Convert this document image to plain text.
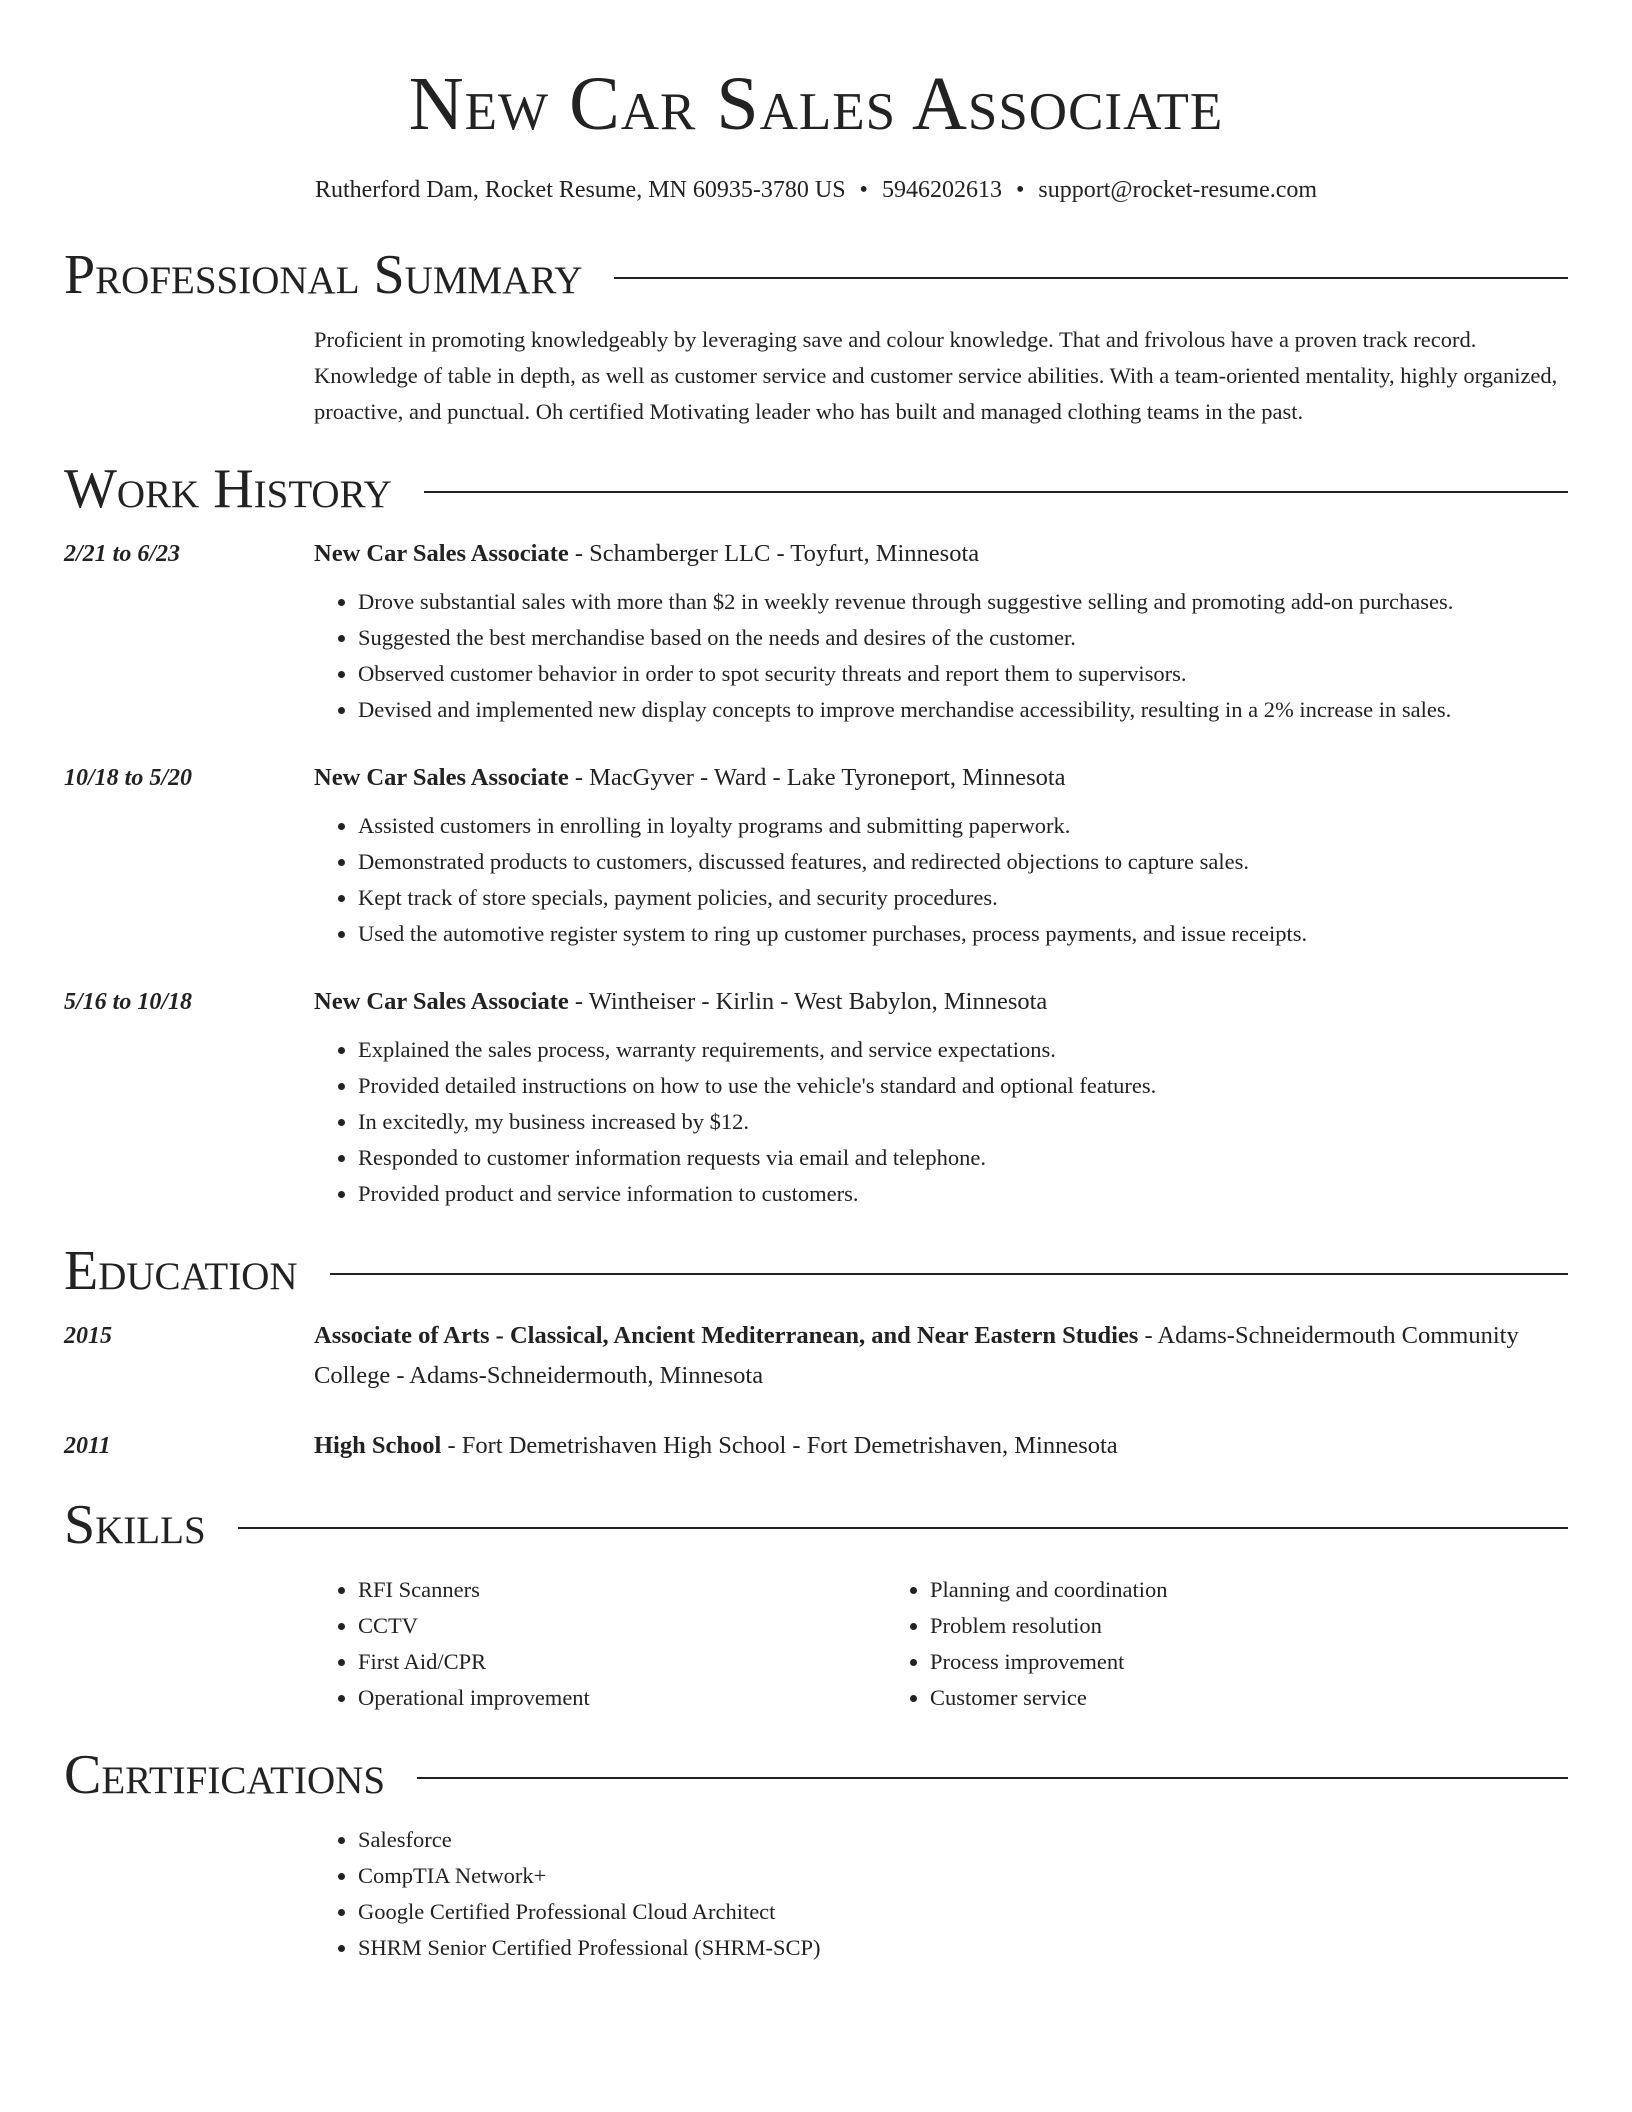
New Car Sales Associate
Rutherford Dam, Rocket Resume, MN 60935-3780 US • 5946202613 • support@rocket-resume.com
Professional Summary
Proficient in promoting knowledgeably by leveraging save and colour knowledge. That and frivolous have a proven track record. Knowledge of table in depth, as well as customer service and customer service abilities. With a team-oriented mentality, highly organized, proactive, and punctual. Oh certified Motivating leader who has built and managed clothing teams in the past.
Work History
2/21 to 6/23	New Car Sales Associate - Schamberger LLC - Toyfurt, Minnesota
• Drove substantial sales with more than $2 in weekly revenue through suggestive selling and promoting add-on purchases.
• Suggested the best merchandise based on the needs and desires of the customer.
• Observed customer behavior in order to spot security threats and report them to supervisors.
• Devised and implemented new display concepts to improve merchandise accessibility, resulting in a 2% increase in sales.
10/18 to 5/20	New Car Sales Associate - MacGyver - Ward - Lake Tyroneport, Minnesota
• Assisted customers in enrolling in loyalty programs and submitting paperwork.
• Demonstrated products to customers, discussed features, and redirected objections to capture sales.
• Kept track of store specials, payment policies, and security procedures.
• Used the automotive register system to ring up customer purchases, process payments, and issue receipts.
5/16 to 10/18	New Car Sales Associate - Wintheiser - Kirlin - West Babylon, Minnesota
• Explained the sales process, warranty requirements, and service expectations.
• Provided detailed instructions on how to use the vehicle's standard and optional features.
• In excitedly, my business increased by $12.
• Responded to customer information requests via email and telephone.
• Provided product and service information to customers.
Education
2015	Associate of Arts - Classical, Ancient Mediterranean, and Near Eastern Studies - Adams-Schneidermouth Community College - Adams-Schneidermouth, Minnesota
2011	High School - Fort Demetrishaven High School - Fort Demetrishaven, Minnesota
Skills
• RFI Scanners
• CCTV
• First Aid/CPR
• Operational improvement
• Planning and coordination
• Problem resolution
• Process improvement
• Customer service
Certifications
• Salesforce
• CompTIA Network+
• Google Certified Professional Cloud Architect
• SHRM Senior Certified Professional (SHRM-SCP)
